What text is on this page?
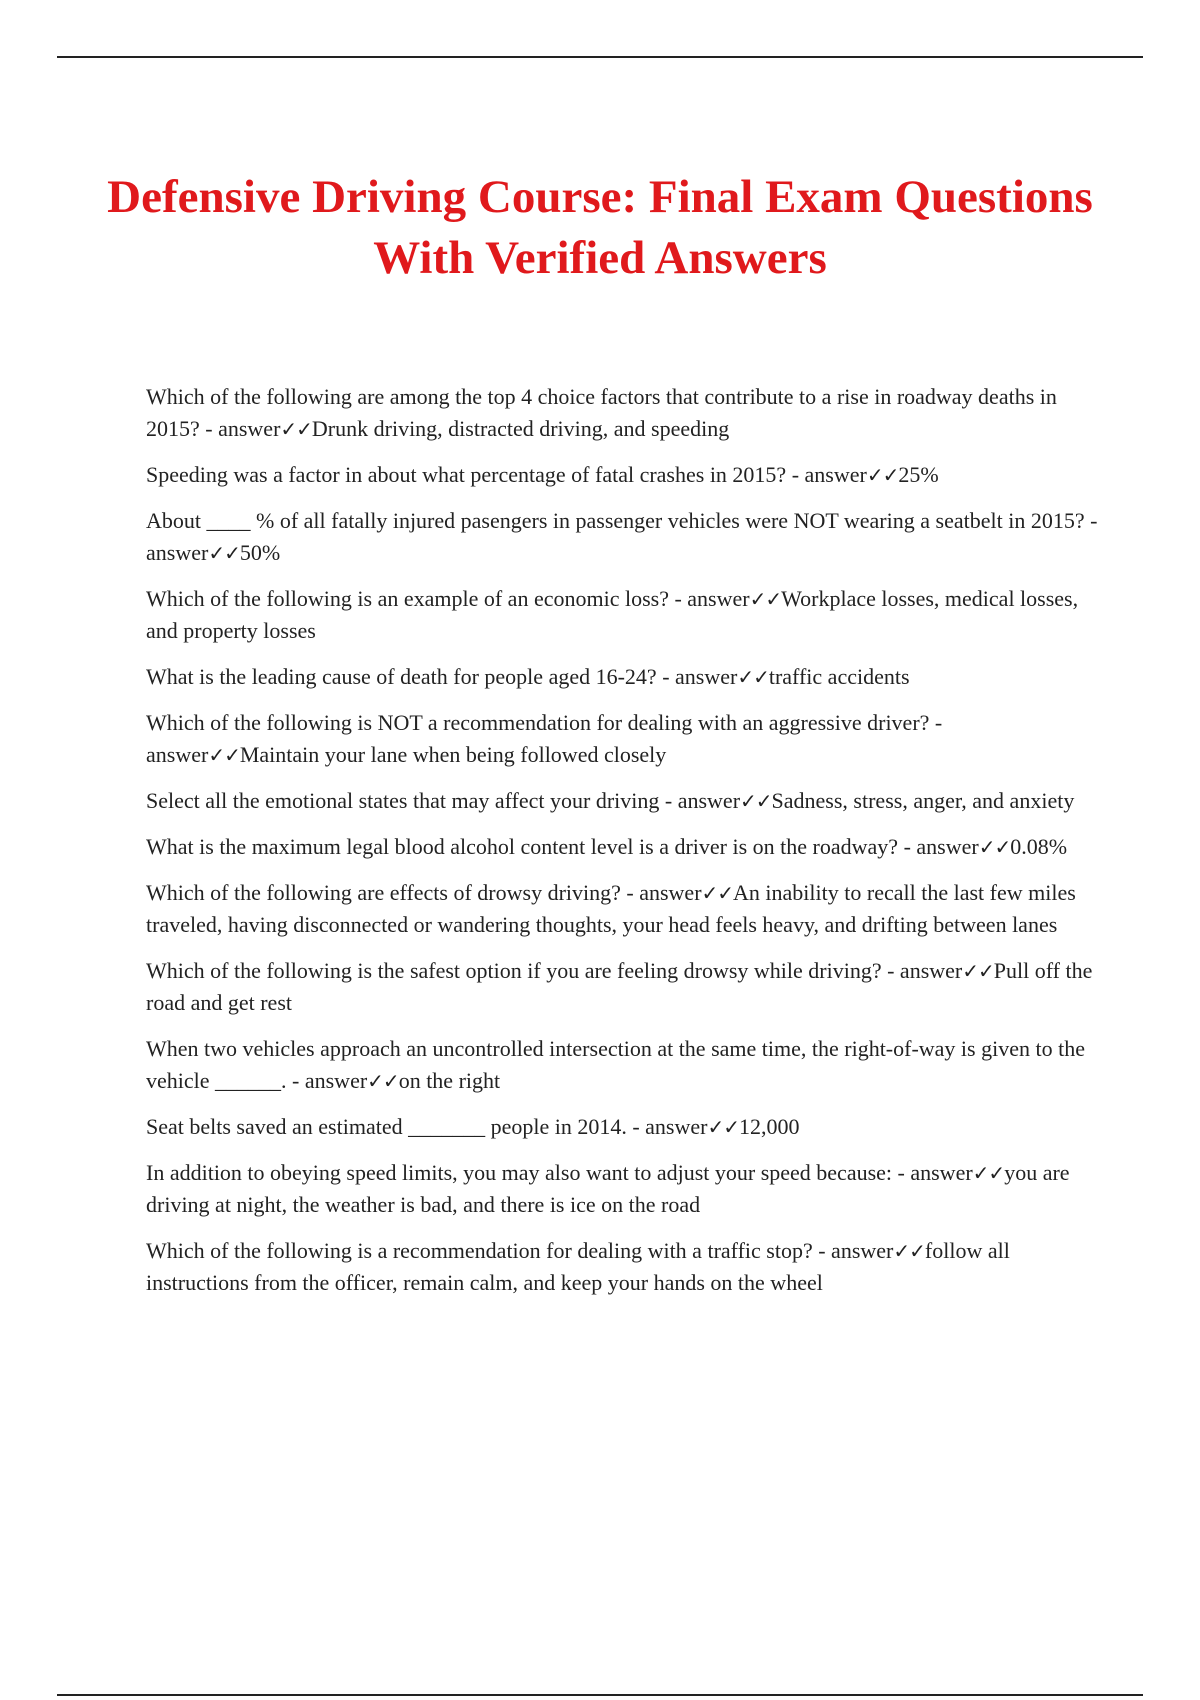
Defensive Driving Course: Final Exam Questions With Verified Answers
Which of the following are among the top 4 choice factors that contribute to a rise in roadway deaths in 2015? - answer✓✓Drunk driving, distracted driving, and speeding
Speeding was a factor in about what percentage of fatal crashes in 2015? - answer✓✓25%
About ____ % of all fatally injured pasengers in passenger vehicles were NOT wearing a seatbelt in 2015? - answer✓✓50%
Which of the following is an example of an economic loss? - answer✓✓Workplace losses, medical losses, and property losses
What is the leading cause of death for people aged 16-24? - answer✓✓traffic accidents
Which of the following is NOT a recommendation for dealing with an aggressive driver? - answer✓✓Maintain your lane when being followed closely
Select all the emotional states that may affect your driving - answer✓✓Sadness, stress, anger, and anxiety
What is the maximum legal blood alcohol content level is a driver is on the roadway? - answer✓✓0.08%
Which of the following are effects of drowsy driving? - answer✓✓An inability to recall the last few miles traveled, having disconnected or wandering thoughts, your head feels heavy, and drifting between lanes
Which of the following is the safest option if you are feeling drowsy while driving? - answer✓✓Pull off the road and get rest
When two vehicles approach an uncontrolled intersection at the same time, the right-of-way is given to the vehicle ______. - answer✓✓on the right
Seat belts saved an estimated _______ people in 2014. - answer✓✓12,000
In addition to obeying speed limits, you may also want to adjust your speed because: - answer✓✓you are driving at night, the weather is bad, and there is ice on the road
Which of the following is a recommendation for dealing with a traffic stop? - answer✓✓follow all instructions from the officer, remain calm, and keep your hands on the wheel
